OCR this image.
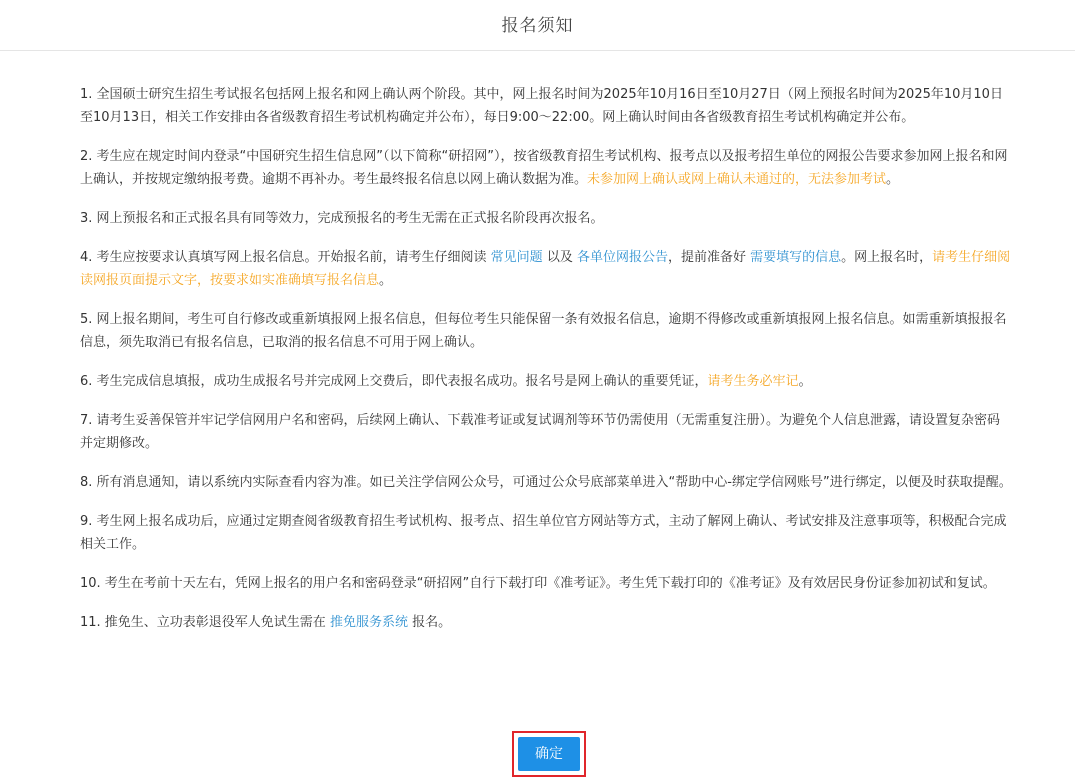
报名须知

1. 全国硕士研究生招生考试报名包括网上报名和网上确认两个阶段。其中，网上报名时间为2025年10月16日至10月27日（网上预报名时间为2025年10月10日至10月13日，相关工作安排由各省级教育招生考试机构确定并公布），每日9:00～22:00。网上确认时间由各省级教育招生考试机构确定并公布。

2. 考生应在规定时间内登录“中国研究生招生信息网”（以下简称“研招网”），按省级教育招生考试机构、报考点以及报考招生单位的网报公告要求参加网上报名和网上确认，并按规定缴纳报考费。逾期不再补办。考生最终报名信息以网上确认数据为准。未参加网上确认或网上确认未通过的，无法参加考试。

3. 网上预报名和正式报名具有同等效力，完成预报名的考生无需在正式报名阶段再次报名。

4. 考生应按要求认真填写网上报名信息。开始报名前，请考生仔细阅读 常见问题 以及 各单位网报公告，提前准备好 需要填写的信息。网上报名时，请考生仔细阅读网报页面提示文字，按要求如实准确填写报名信息。

5. 网上报名期间，考生可自行修改或重新填报网上报名信息，但每位考生只能保留一条有效报名信息，逾期不得修改或重新填报网上报名信息。如需重新填报报名信息，须先取消已有报名信息，已取消的报名信息不可用于网上确认。

6. 考生完成信息填报，成功生成报名号并完成网上交费后，即代表报名成功。报名号是网上确认的重要凭证，请考生务必牢记。

7. 请考生妥善保管并牢记学信网用户名和密码，后续网上确认、下载准考证或复试调剂等环节仍需使用（无需重复注册）。为避免个人信息泄露，请设置复杂密码并定期修改。

8. 所有消息通知，请以系统内实际查看内容为准。如已关注学信网公众号，可通过公众号底部菜单进入“帮助中心-绑定学信网账号”进行绑定，以便及时获取提醒。

9. 考生网上报名成功后，应通过定期查阅省级教育招生考试机构、报考点、招生单位官方网站等方式，主动了解网上确认、考试安排及注意事项等，积极配合完成相关工作。

10. 考生在考前十天左右，凭网上报名的用户名和密码登录“研招网”自行下载打印《准考证》。考生凭下载打印的《准考证》及有效居民身份证参加初试和复试。

11. 推免生、立功表彰退役军人免试生需在 推免服务系统 报名。

确定
